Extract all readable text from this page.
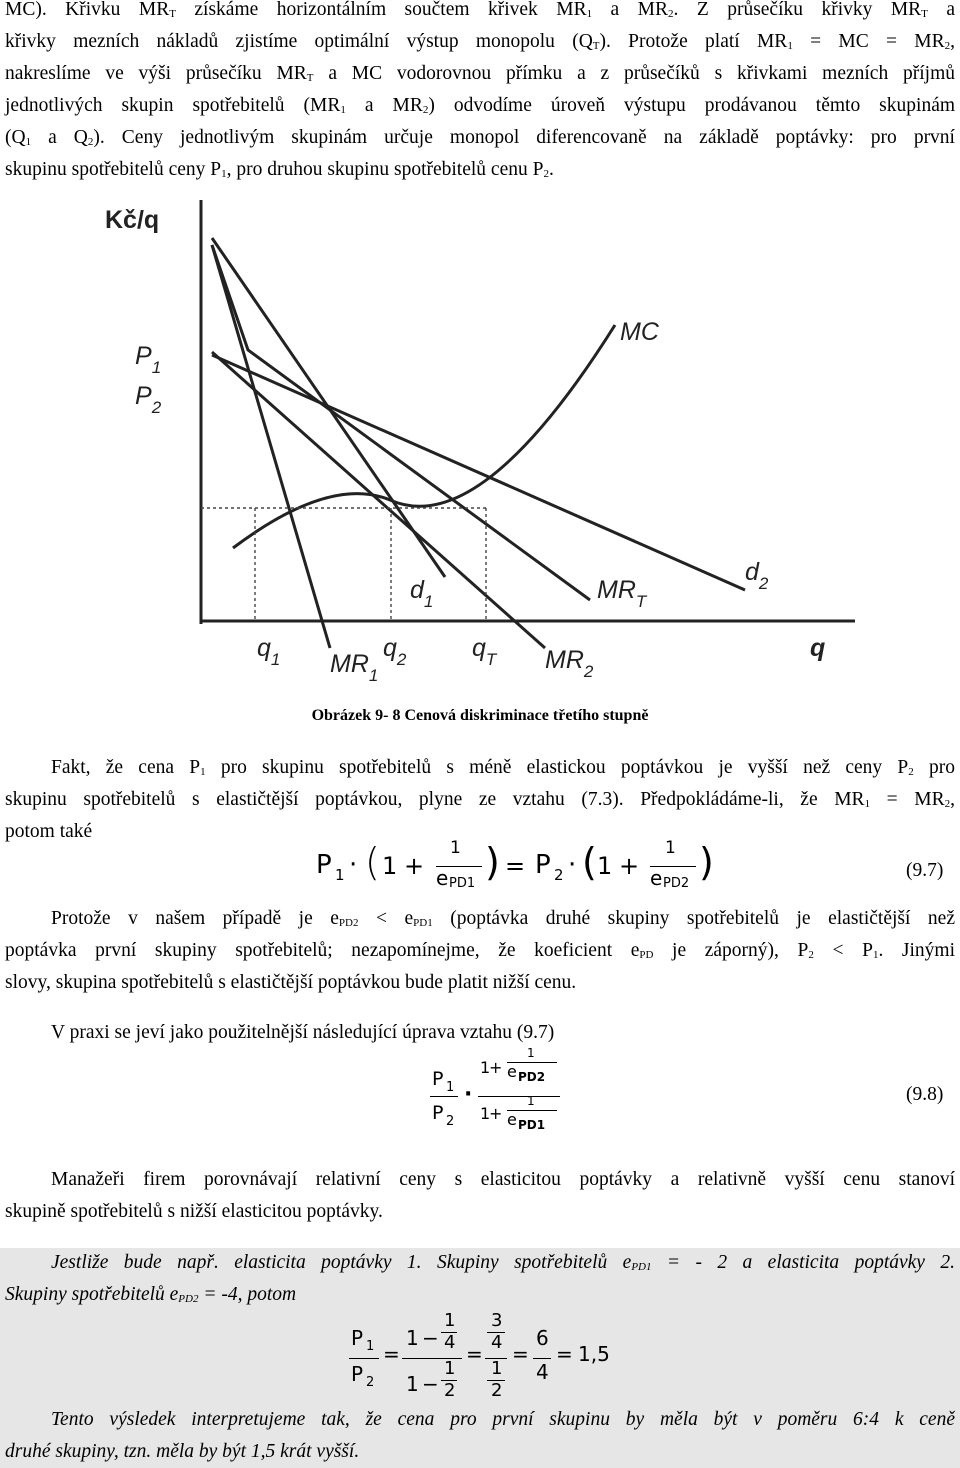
MC). Křivku $MR_T$ získáme horizontálním součtem křivek $MR_1$ a $MR_2$. Z průsečíku křivky $MR_T$ a
křivky mezních nákladů zjistíme optimální výstup monopolu $(Q_T)$. Protože platí $MR_1$ = MC = $MR_2$,
nakreslíme ve výši průsečíku $MR_T$ a MC vodorovnou přímku a z průsečíků s křivkami mezních příjmů
jednotlivých skupin spotřebitelů ($MR_1$ a $MR_2$) odvodíme úroveň výstupu prodávanou těmto skupinám
($Q_1$ a $Q_2$). Ceny jednotlivým skupinám určuje monopol diferencovaně na základě poptávky: pro první
skupinu spotřebitelů ceny $P_1$, pro druhou skupinu spotřebitelů cenu $P_2$.
Kč/q
q
$P_1$
$P_2$
MC
$d_1$
$d_2$
$MR_T$
$MR_1$
$MR_2$
$q_1$	$q_2$	$q_T$
Obrázek 9- 8 Cenová diskriminace třetího stupně
Fakt, že cena $P_1$ pro skupinu spotřebitelů s méně elastickou poptávkou je vyšší než ceny $P_2$ pro
skupinu spotřebitelů s elastičtější poptávkou, plyne ze vztahu (7.3). Předpokládáme-li, že $MR_1 = MR_2$,
potom také
P 1 · ( 1 +
1
e PD1 ) = P 2 · ( 1 +
1
e PD2 )	(9.7)
Protože v našem případě je $e_{PD2} < e_{PD1}$ (poptávka druhé skupiny spotřebitelů je elastičtější než
poptávka první skupiny spotřebitelů; nezapomínejme, že koeficient $e_{PD}$ je záporný), $P_2 < P_1$. Jinými
slovy, skupina spotřebitelů s elastičtější poptávkou bude platit nižší cenu.
V praxi se jeví jako použitelnější následující úprava vztahu (9.7)
P 1
P 2
·
1
+
1
e PD2
1
+
1
e PD1
(9.8)
Manažeři firem porovnávají relativní ceny s elasticitou poptávky a relativně vyšší cenu stanoví
skupině spotřebitelů s nižší elasticitou poptávky.
Jestliže bude např. elasticita poptávky 1. Skupiny spotřebitelů $e_{PD1}$ = - 2 a elasticita poptávky 2.
Skupiny spotřebitelů $e_{PD2} = -4$, potom
P 1
P 2
=
1 −
1
4
1 −
1
2
=
3
4
1
2
=
6
4
= 1,5
Tento výsledek interpretujeme tak, že cena pro první skupinu by měla být v poměru 6:4 k ceně
druhé skupiny, tzn. měla by být 1,5 krát vyšší.
